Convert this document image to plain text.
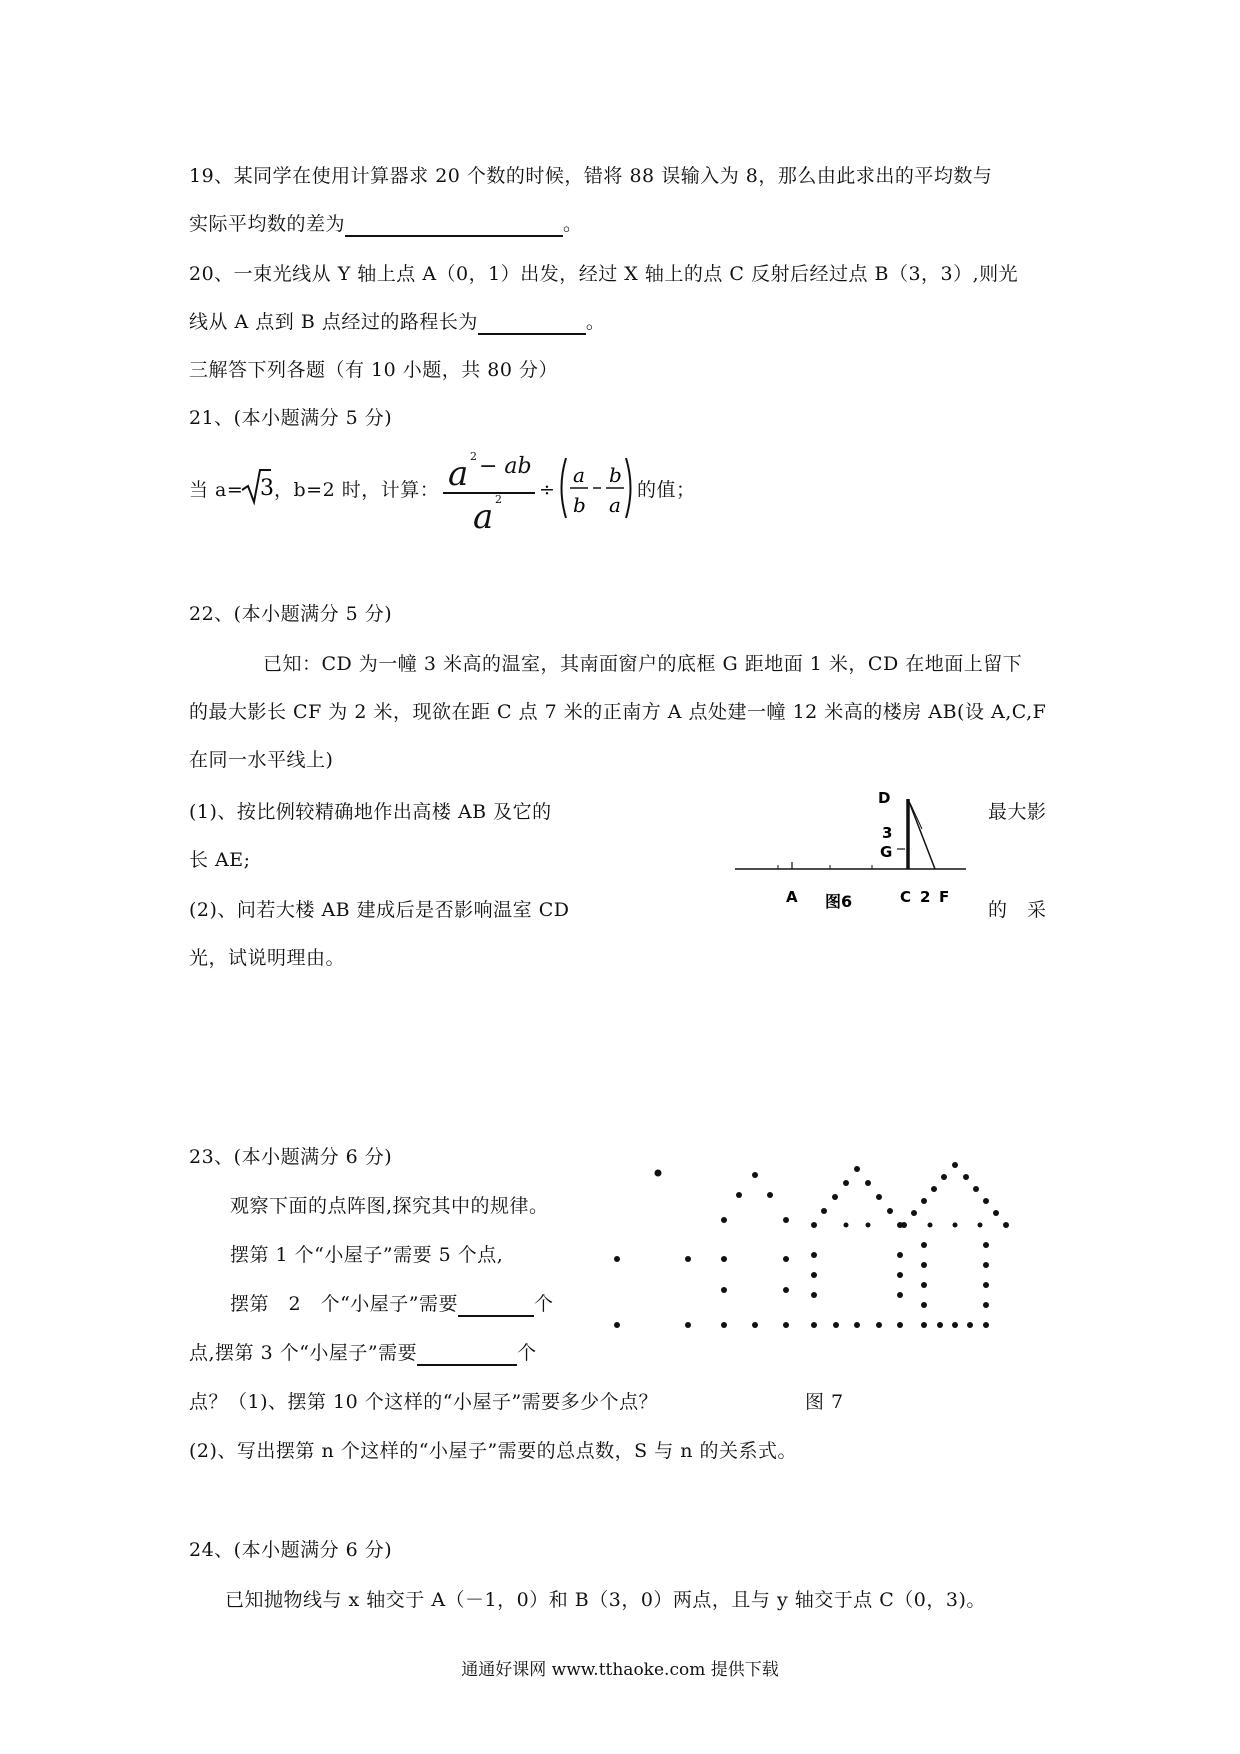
19、某同学在使用计算器求 20 个数的时候，错将 88 误输入为 8，那么由此求出的平均数与
实际平均数的差为	。
20、一束光线从 Y 轴上点 A（0，1）出发，经过 X 轴上的点 C 反射后经过点 B（3，3）,则光
线从 A 点到 B 点经过的路程长为	。
三解答下列各题（有 10 小题，共 80 分）
21、(本小题满分 5 分)
当 a= 3 ，b=2 时，计算： a 2 − ab
a 2 ÷
a
b
b
a
的值；
22、(本小题满分 5 分)
已知：CD 为一幢 3 米高的温室，其南面窗户的底框 G 距地面 1 米，CD 在地面上留下
的最大影长 CF 为 2 米，现欲在距 C 点 7 米的正南方 A 点处建一幢 12 米高的楼房 AB(设 A,C,F
在同一水平线上)
(1)、按比例较精确地作出高楼 AB 及它的	最大影
长 AE;
(2)、问若大楼 AB 建成后是否影响温室 CD	的　采
光，试说明理由。
D
3
G
A 图6	C 2 F
23、(本小题满分 6 分)
观察下面的点阵图,探究其中的规律。
摆第 1 个“小屋子”需要 5 个点,
摆第　2　个“小屋子”需要	个
点,摆第 3 个“小屋子”需要	个
点？（1)、摆第 10 个这样的“小屋子”需要多少个点？	图 7
(2)、写出摆第 n 个这样的“小屋子”需要的总点数，S 与 n 的关系式。
24、(本小题满分 6 分)
已知抛物线与 x 轴交于 A（－1，0）和 B（3，0）两点，且与 y 轴交于点 C（0，3)。
通通好课网 www.tthaoke.com 提供下载
